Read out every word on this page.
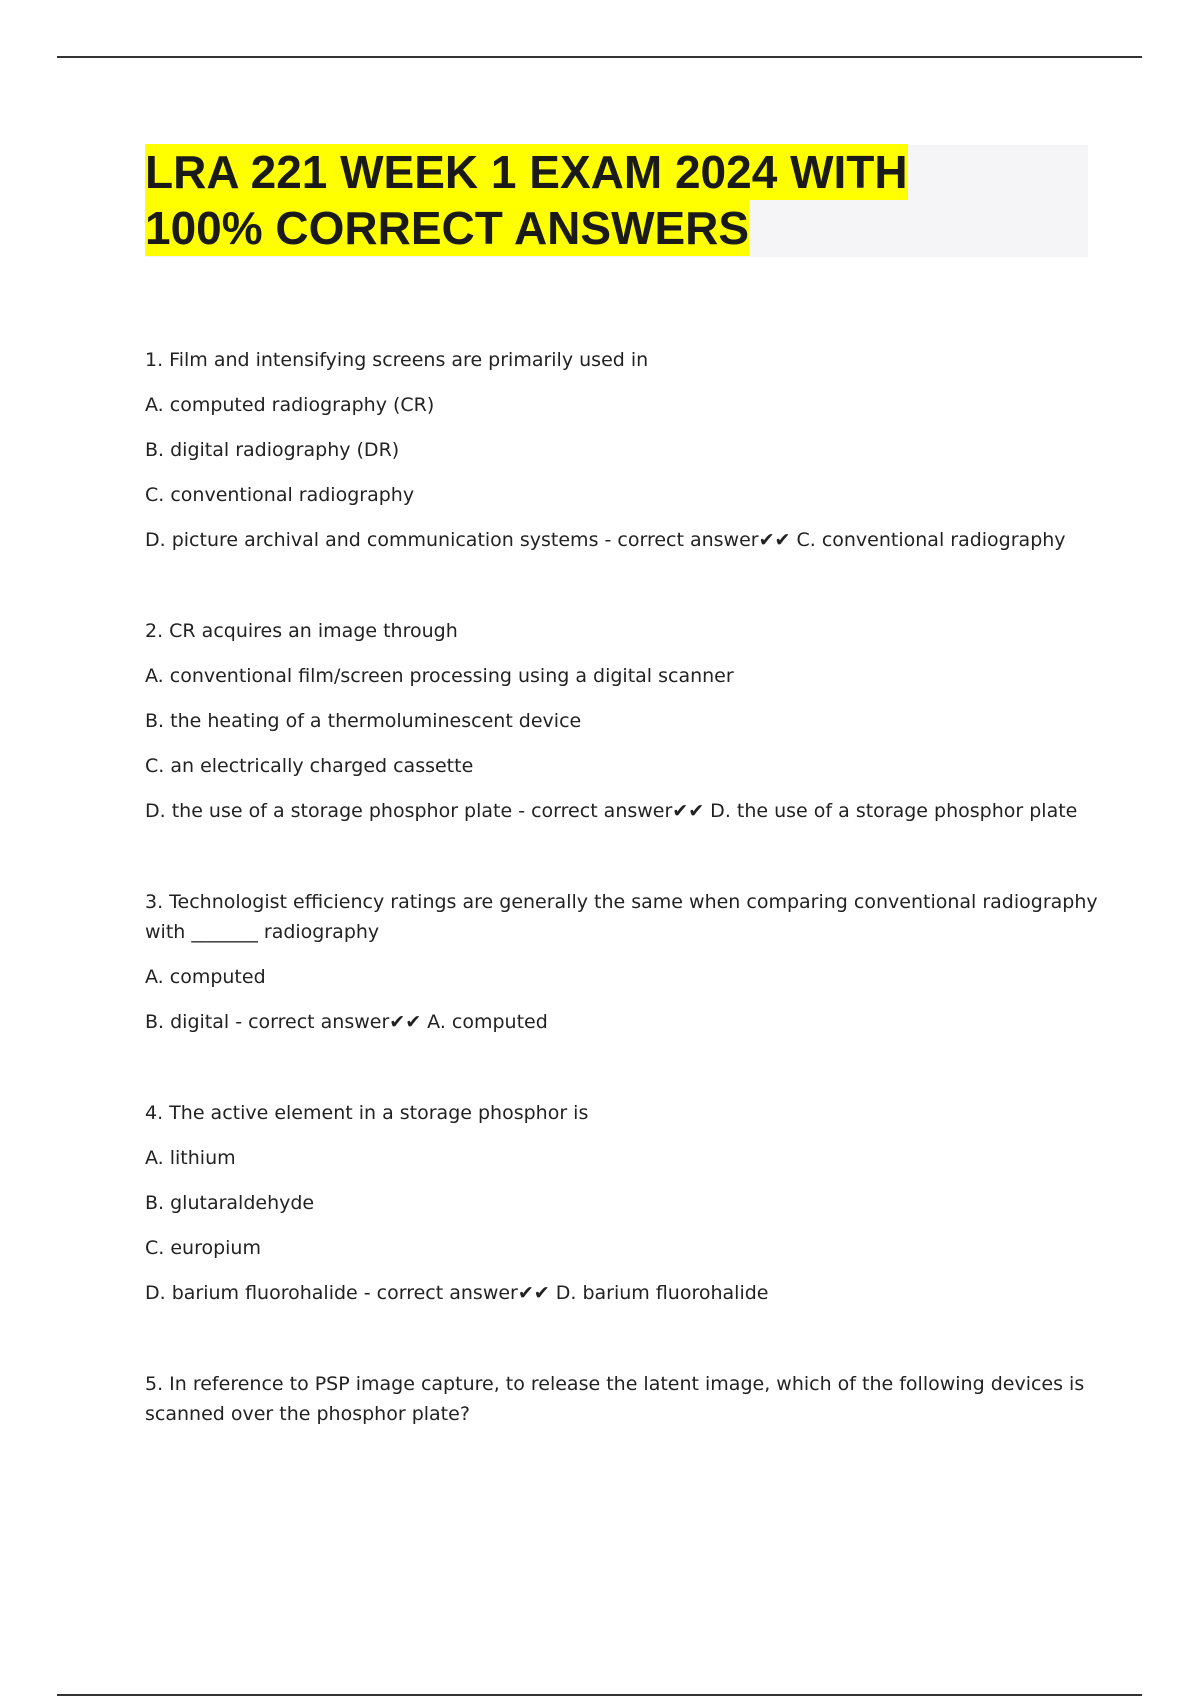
LRA 221 WEEK 1 EXAM 2024 WITH
100% CORRECT ANSWERS

1. Film and intensifying screens are primarily used in

A. computed radiography (CR)

B. digital radiography (DR)

C. conventional radiography

D. picture archival and communication systems - correct answer✔✔ C. conventional radiography

2. CR acquires an image through

A. conventional film/screen processing using a digital scanner

B. the heating of a thermoluminescent device

C. an electrically charged cassette

D. the use of a storage phosphor plate - correct answer✔✔ D. the use of a storage phosphor plate

3. Technologist efficiency ratings are generally the same when comparing conventional radiography with _______ radiography

A. computed

B. digital - correct answer✔✔ A. computed

4. The active element in a storage phosphor is

A. lithium

B. glutaraldehyde

C. europium

D. barium fluorohalide - correct answer✔✔ D. barium fluorohalide

5. In reference to PSP image capture, to release the latent image, which of the following devices is scanned over the phosphor plate?
